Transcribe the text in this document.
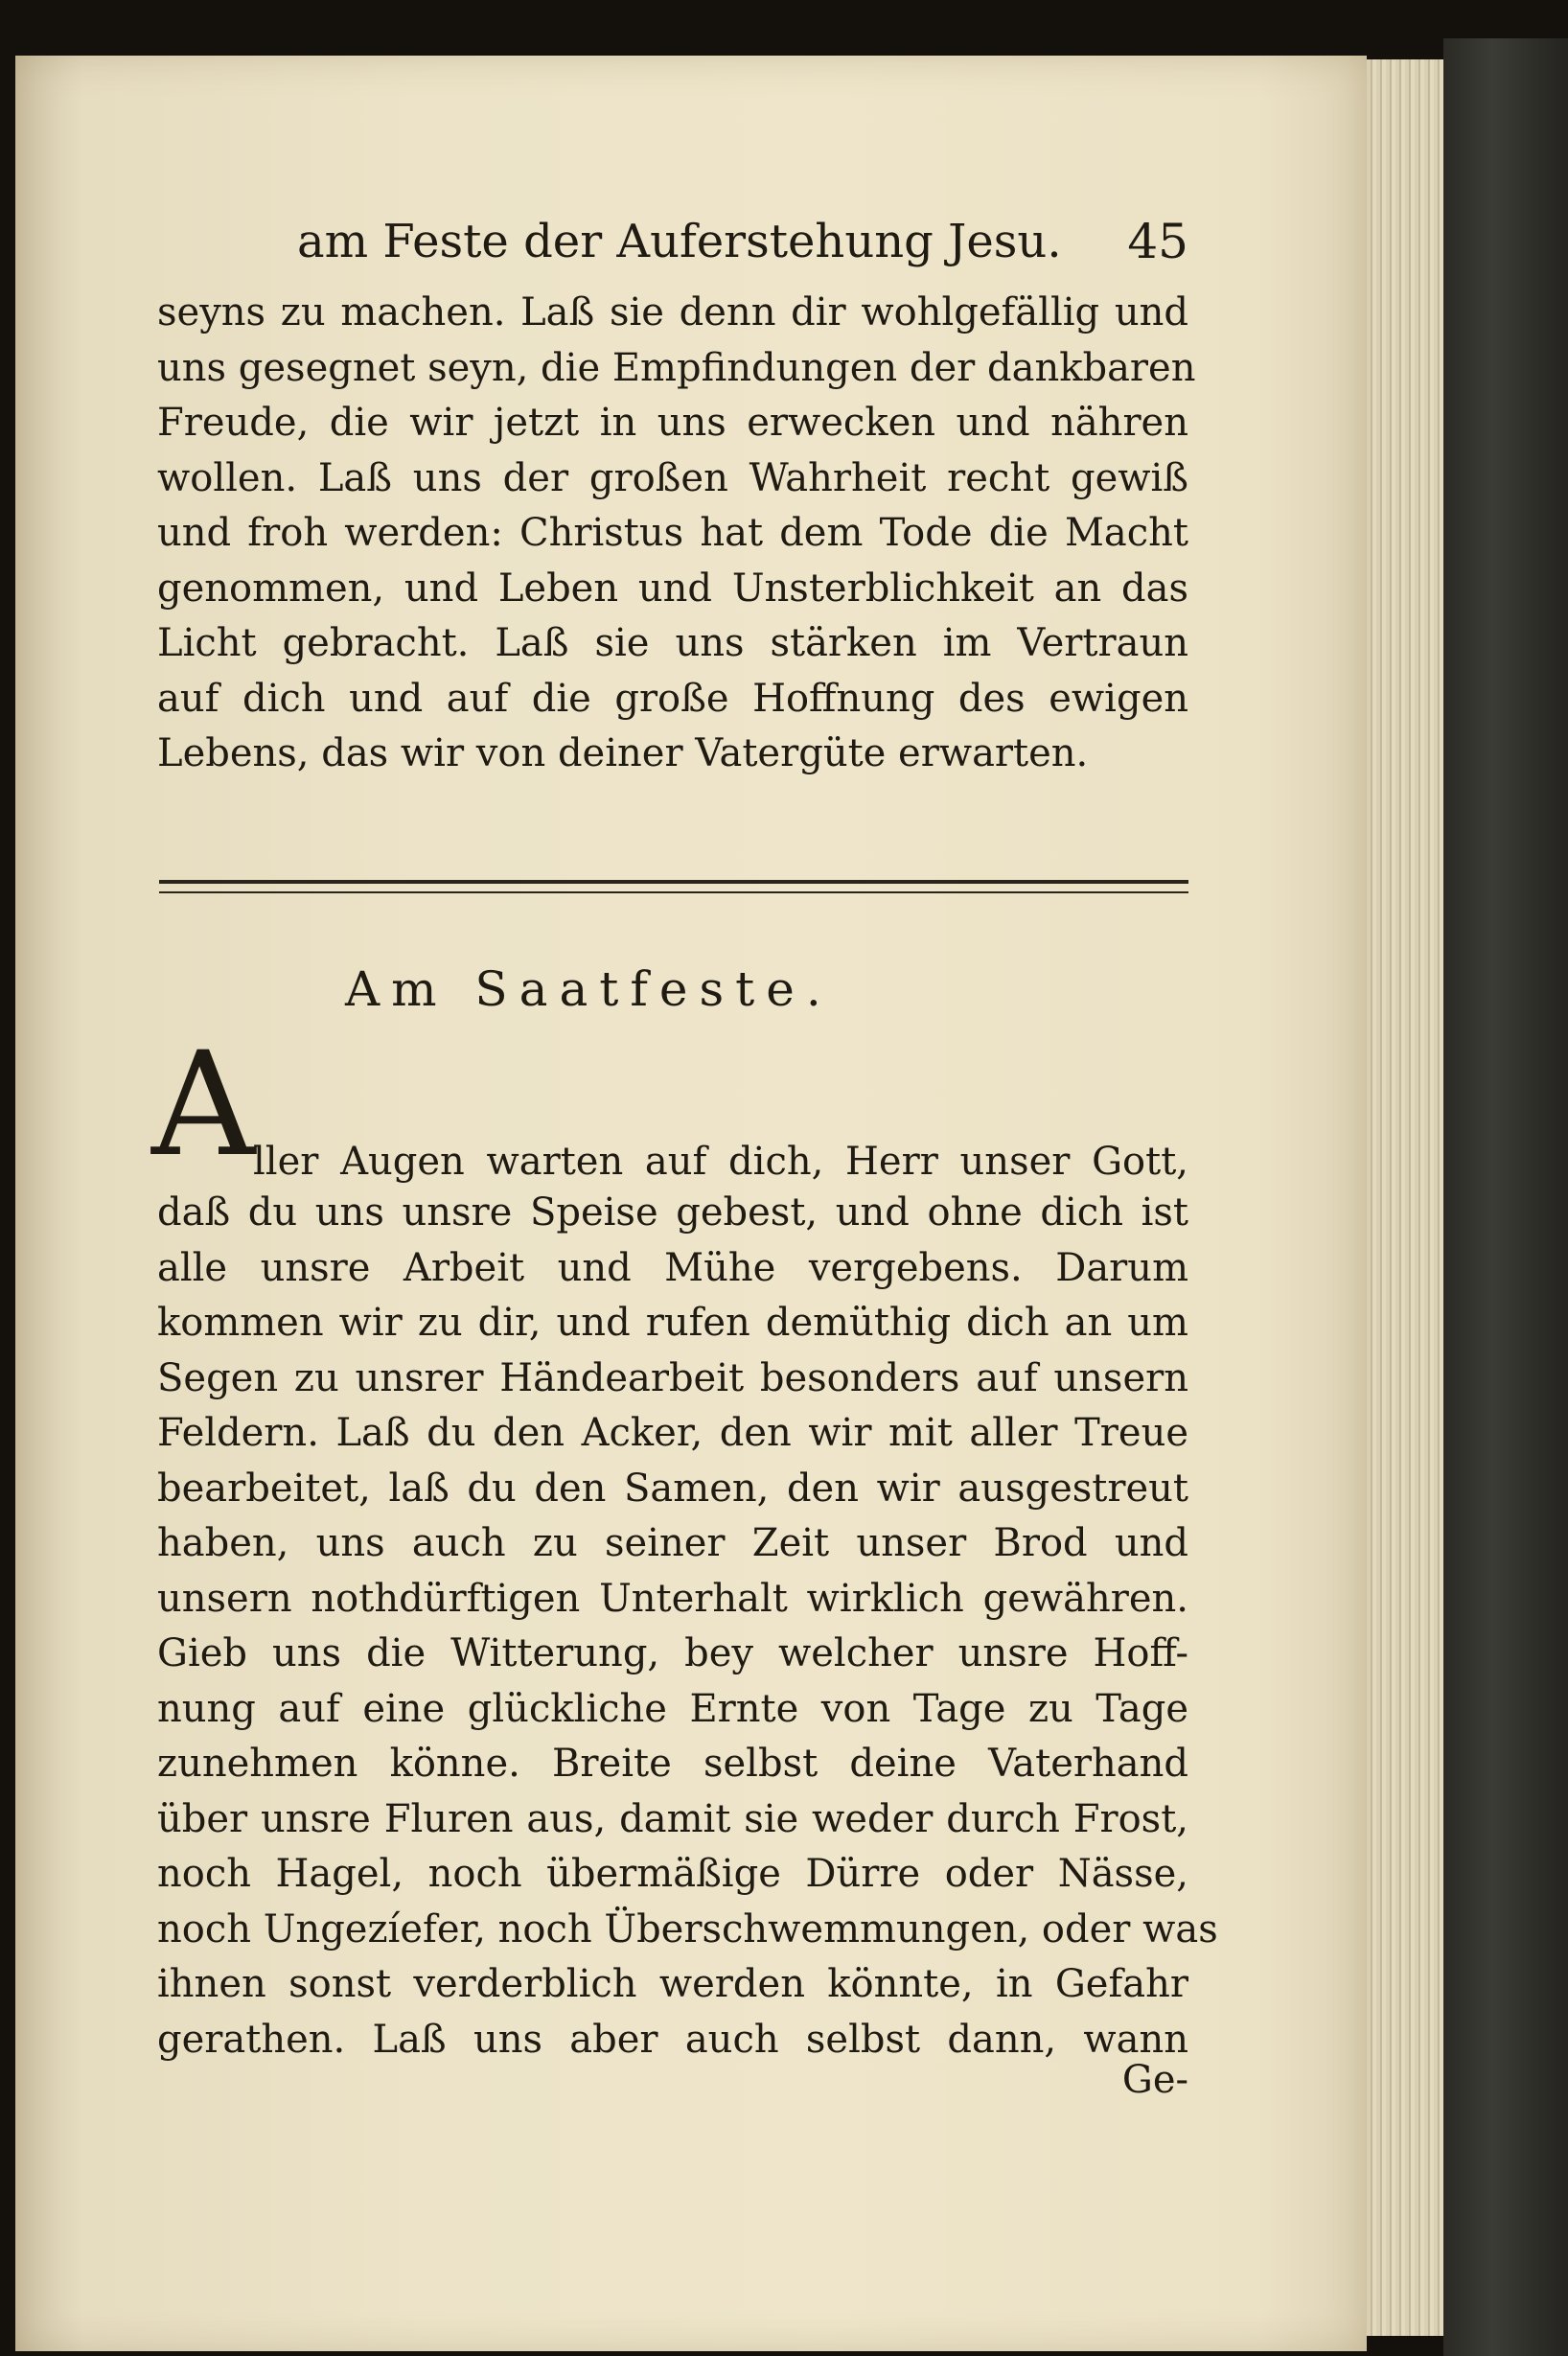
am Feste der Auferstehung Jesu. 45
seyns zu machen. Laß sie denn dir wohlgefällig und
uns gesegnet seyn, die Empfindungen der dankbaren
Freude, die wir jetzt in uns erwecken und nähren
wollen. Laß uns der großen Wahrheit recht gewiß
und froh werden: Christus hat dem Tode die Macht
genommen, und Leben und Unsterblichkeit an das
Licht gebracht. Laß sie uns stärken im Vertraun
auf dich und auf die große Hoffnung des ewigen
Lebens, das wir von deiner Vatergüte erwarten.
Am Saatfeste.
A
ller Augen warten auf dich, Herr unser Gott,
daß du uns unsre Speise gebest, und ohne dich ist
alle unsre Arbeit und Mühe vergebens. Darum
kommen wir zu dir, und rufen demüthig dich an um
Segen zu unsrer Händearbeit besonders auf unsern
Feldern. Laß du den Acker, den wir mit aller Treue
bearbeitet, laß du den Samen, den wir ausgestreut
haben, uns auch zu seiner Zeit unser Brod und
unsern nothdürftigen Unterhalt wirklich gewähren.
Gieb uns die Witterung, bey welcher unsre Hoff-
nung auf eine glückliche Ernte von Tage zu Tage
zunehmen könne. Breite selbst deine Vaterhand
über unsre Fluren aus, damit sie weder durch Frost,
noch Hagel, noch übermäßige Dürre oder Nässe,
noch Ungezíefer, noch Überschwemmungen, oder was
ihnen sonst verderblich werden könnte, in Gefahr
gerathen. Laß uns aber auch selbst dann, wann
Ge-
